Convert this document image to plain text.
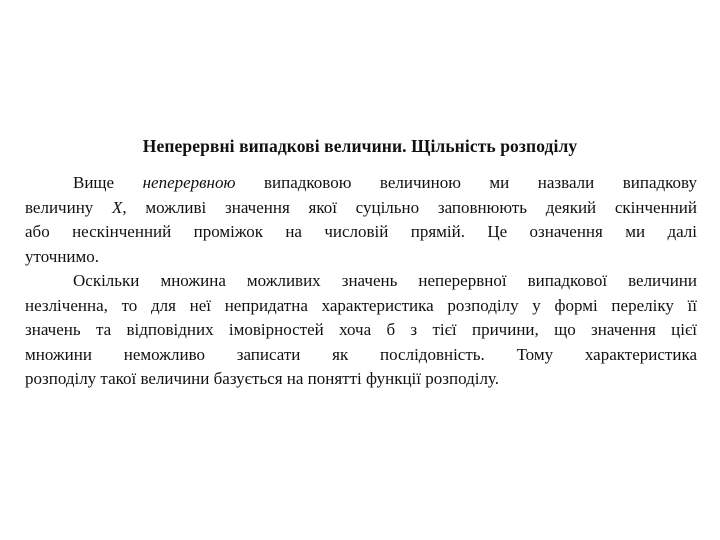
Неперервні випадкові величини. Щільність розподілу

Вище неперервною випадковою величиною ми назвали випадкову
величину X, можливі значення якої суцільно заповнюють деякий скінченний
або нескінченний проміжок на числовій прямій. Це означення ми далі
уточнимо.

Оскільки множина можливих значень неперервної випадкової величини
незліченна, то для неї непридатна характеристика розподілу у формі переліку її
значень та відповідних імовірностей хоча б з тієї причини, що значення цієї
множини неможливо записати як послідовність. Тому характеристика
розподілу такої величини базується на понятті функції розподілу.
